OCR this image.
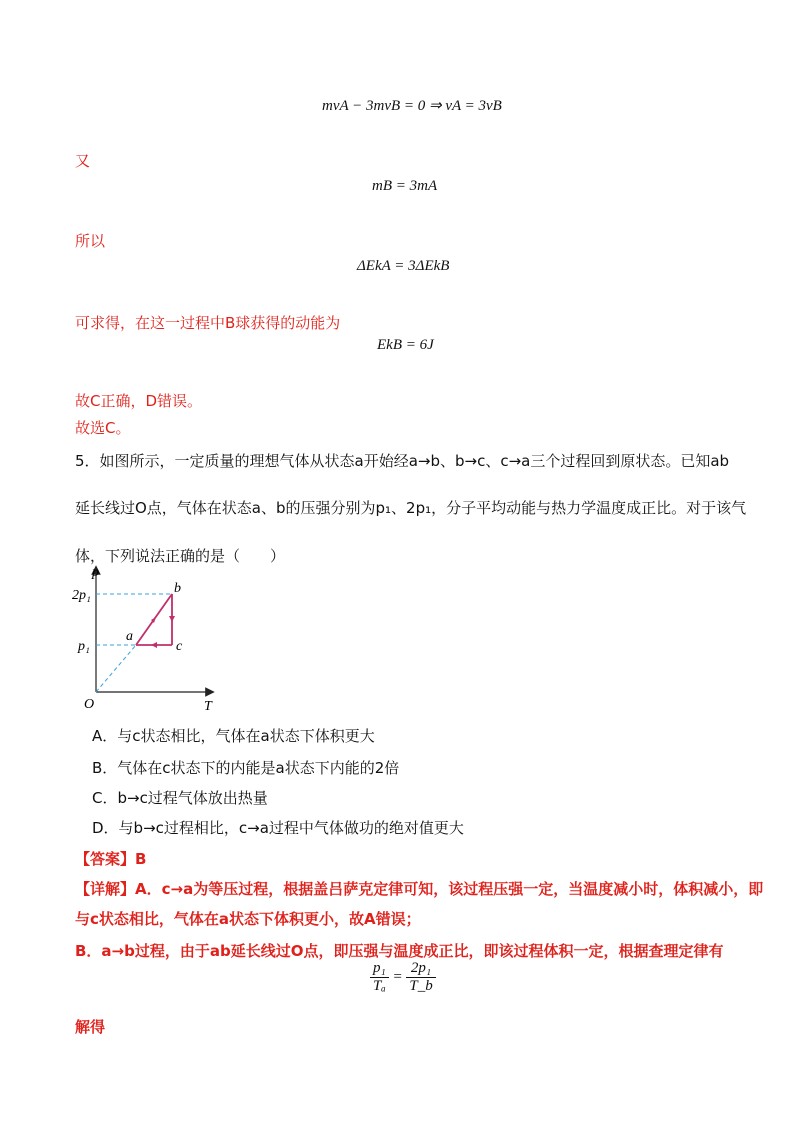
mvA − 3mvB = 0 ⇒ vA = 3vB
又
mB = 3mA
所以
ΔEkA = 3ΔEkB
可求得，在这一过程中B球获得的动能为
EkB = 6J
故C正确，D错误。
故选C。
5．如图所示，一定质量的理想气体从状态a开始经a→b、b→c、c→a三个过程回到原状态。已知ab
延长线过O点，气体在状态a、b的压强分别为p₁、2p₁，分子平均动能与热力学温度成正比。对于该气
体，下列说法正确的是（　　）
p
T
O
2p₁
p₁
a
b
c
A．与c状态相比，气体在a状态下体积更大
B．气体在c状态下的内能是a状态下内能的2倍
C．b→c过程气体放出热量
D．与b→c过程相比，c→a过程中气体做功的绝对值更大
【答案】B
【详解】A．c→a为等压过程，根据盖吕萨克定律可知，该过程压强一定，当温度减小时，体积减小，即
与c状态相比，气体在a状态下体积更小，故A错误；
B．a→b过程，由于ab延长线过O点，即压强与温度成正比，即该过程体积一定，根据查理定律有
$\frac{\text{p₁}}{\text{Tₐ}} = \frac{\text{2p₁}}{T\_b}$
解得
